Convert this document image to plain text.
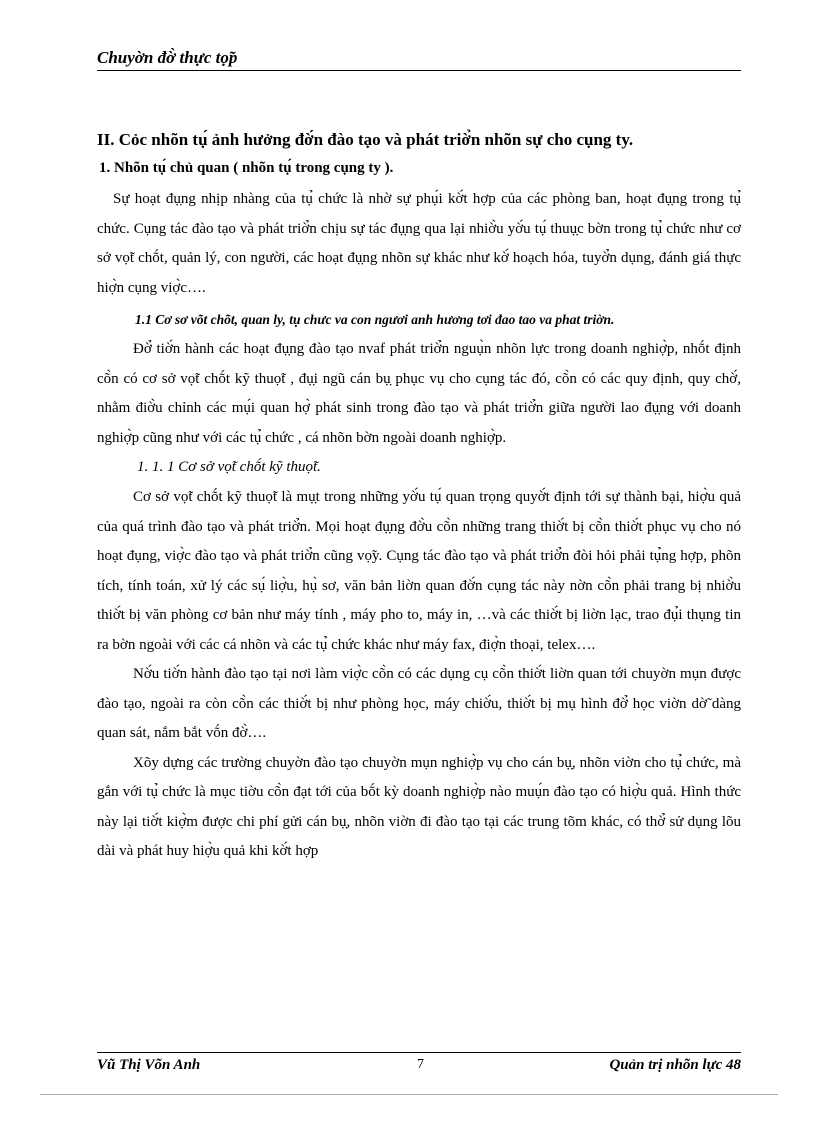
Chuyờn đờ̀ thực tọ̃p
II. Cỏc nhõn tụ́ ảnh hưởng đờ́n đào tạo và phát triờ̉n nhõn sự cho cụng ty.
1. Nhõn tụ́ chủ quan ( nhõn tụ́ trong cụng ty ).

Sự hoạt đụ̣ng nhịp nhàng của tụ̉ chức là nhờ sự phụ́i kờ́t hợp của các phòng ban, hoạt đụ̣ng trong tụ̉ chức. Cụng tác đào tạo và phát triờ̉n chịu sự tác đụ̣ng qua lại nhiờ̀u yờ́u tụ́ thuụ̣c bờn trong tụ̉ chức như cơ sở vọ̃t chṍt, quản lý, con người, các hoạt đụ̣ng nhõn sự khác như kờ́ hoạch hóa, tuyờ̉n dụng, đánh giá thực hiợ̀n cụng viợ̀c….

1.1 Cơ sơ võt chõt, quan ly, tụ chưc va con ngươi anh hương tơi đao tao va phat triờn.

Đờ̉ tiờ́n hành các hoạt đụ̣ng đào tạo nvaf phát triờ̉n nguụ̀n nhõn lực trong doanh nghiợ̀p, nhṍt định cõ̀n có cơ sở vọ̃t chṍt kỹ thuọ̃t , đụ̣i ngũ cán bụ̣ phục vụ cho cụng tác đó, cõ̀n có các quy định, quy chờ́, nhằm điờ̀u chỉnh các mụ́i quan hợ̀ phát sinh trong đào tạo và phát triờ̉n giữa người lao đụ̣ng với doanh nghiợ̀p cũng như với các tụ̉ chức , cá nhõn bờn ngoài doanh nghiợ̀p.

1. 1. 1 Cơ sở vọ̃t chṍt kỹ thuọ̃t.

Cơ sở vọ̃t chṍt kỹ thuọ̃t là mụ̣t trong những yờ́u tụ́ quan trọng quyờ́t định tới sự thành bại, hiợ̀u quả của quá trình đào tạo và phát triờ̉n. Mọi hoạt đụ̣ng đờ̀u cõ̀n những trang thiờ́t bị cõ̀n thiờ́t phục vụ cho nó hoạt đụng, viợ̀c đào tạo và phát triờ̉n cũng vọ̃y. Cụng tác đào tạo và phát triờ̉n đòi hỏi phải tụ̉ng hợp, phõn tích, tính toán, xử lý các sụ́ liợ̀u, hụ̀ sơ, văn bản liờn quan đờ́n cụng tác này nờn cõ̀n phải trang bị nhiờ̀u thiờ́t bị văn phòng cơ bản như máy tính , máy pho to, máy in, …và các thiờ́t bị liờn lạc, trao đụ̉i thụng tin ra bờn ngoài với các cá nhõn và các tụ̉ chức khác như máy fax, điợ̀n thoại, telex….

Nờ́u tiờ́n hành đào tạo tại nơi làm viợ̀c cõ̀n có các dụng cụ cõ̀n thiờ́t liờn quan tới chuyờn mụn được đào tạo, ngoài ra còn cõ̀n các thiờ́t bị như phòng học, máy chiờ́u, thiờ́t bị mụ hình đờ̉ học viờn dờ̃ dàng quan sát, nắm bắt vṍn đờ̀….

Xõy dựng các trường chuyờn đào tạo chuyờn mụn nghiợ̀p vụ cho cán bụ̣, nhõn viờn cho tụ̉ chức, mà gắn với tụ̉ chức là mục tiờu cõ̀n đạt tới của bṍt kỳ doanh nghiợ̀p nào muụ́n đào tạo có hiợ̀u quả. Hình thức này lại tiờ́t kiợ̀m được chi phí gửi cán bụ̣, nhõn viờn đi đào tạo tại các trung tõm khác, có thờ̉ sử dụng lõu dài và phát huy hiợ̀u quả khi kờ́t hợp

Vũ Thị Võn Anh	7	Quản trị nhõn lực 48
